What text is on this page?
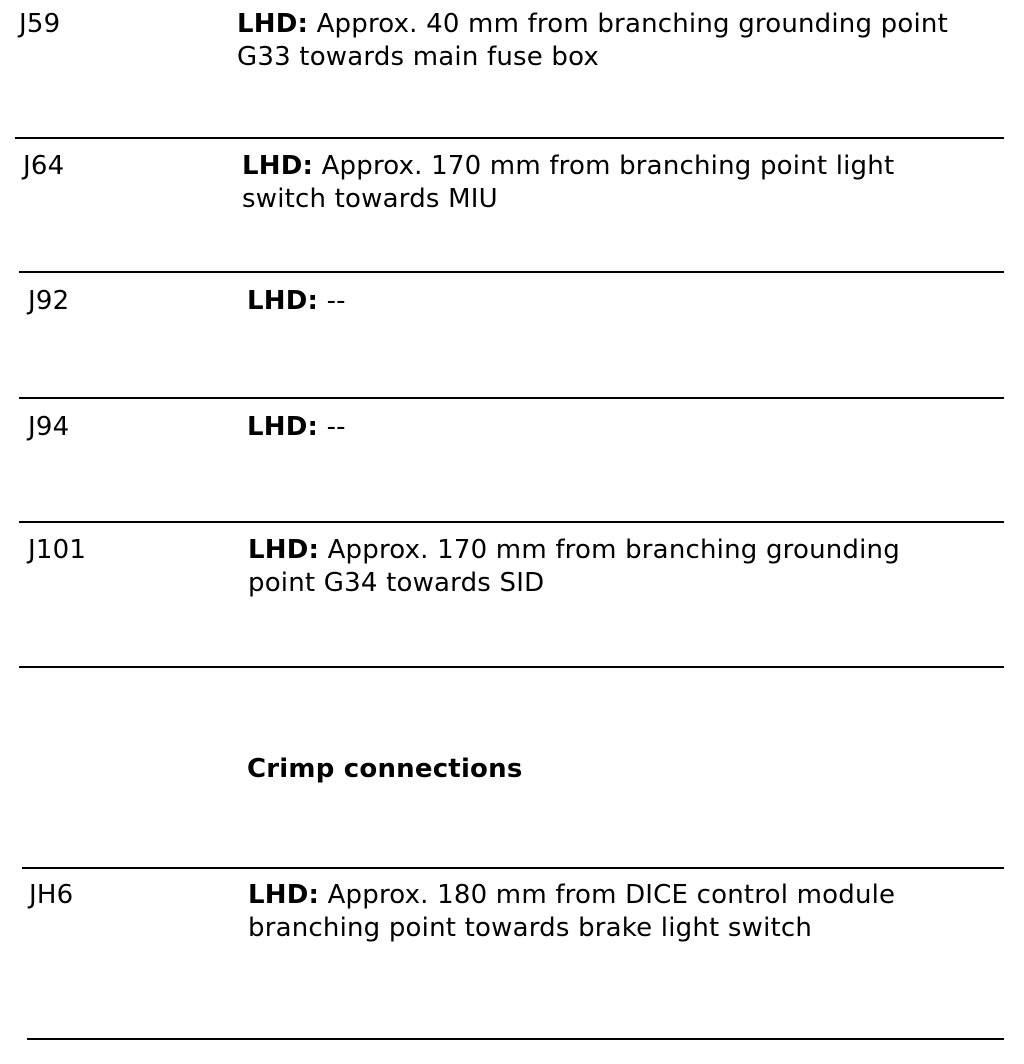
J59	LHD: Approx. 40 mm from branching grounding point
G33 towards main fuse box
J64	LHD: Approx. 170 mm from branching point light
switch towards MIU
J92	LHD: --
J94	LHD: --
J101	LHD: Approx. 170 mm from branching grounding
point G34 towards SID
Crimp connections
JH6	LHD: Approx. 180 mm from DICE control module
branching point towards brake light switch
